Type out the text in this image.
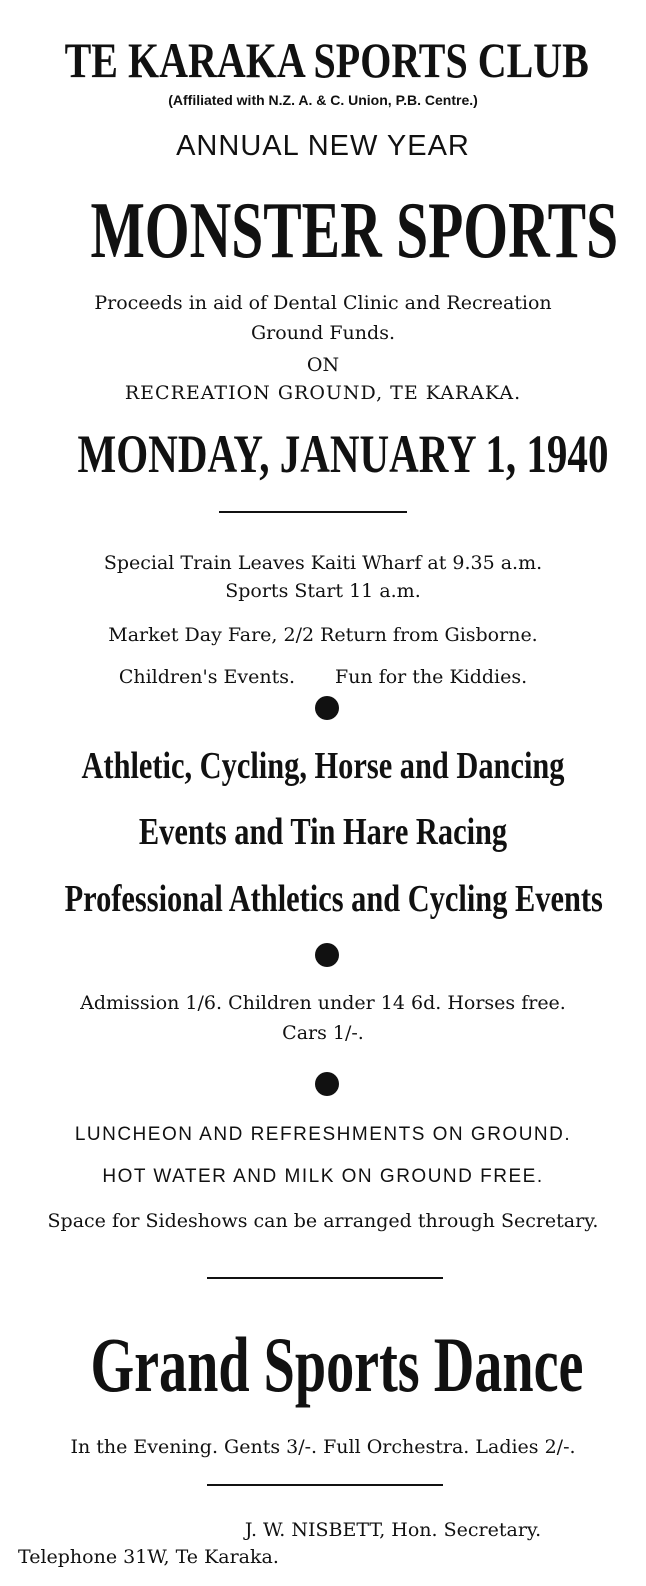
TE KARAKA SPORTS CLUB
(Affiliated with N.Z. A. & C. Union, P.B. Centre.)
ANNUAL NEW YEAR
MONSTER SPORTS
Proceeds in aid of Dental Clinic and Recreation
Ground Funds.
ON
RECREATION GROUND, TE KARAKA.
MONDAY, JANUARY 1, 1940
Special Train Leaves Kaiti Wharf at 9.35 a.m.
Sports Start 11 a.m.
Market Day Fare, 2/2 Return from Gisborne.
Children's Events. Fun for the Kiddies.
Athletic, Cycling, Horse and Dancing
Events and Tin Hare Racing
Professional Athletics and Cycling Events
Admission 1/6. Children under 14 6d. Horses free.
Cars 1/-.
LUNCHEON AND REFRESHMENTS ON GROUND.
HOT WATER AND MILK ON GROUND FREE.
Space for Sideshows can be arranged through Secretary.
Grand Sports Dance
In the Evening. Gents 3/-. Full Orchestra. Ladies 2/-.
J. W. NISBETT, Hon. Secretary.
Telephone 31W, Te Karaka.
